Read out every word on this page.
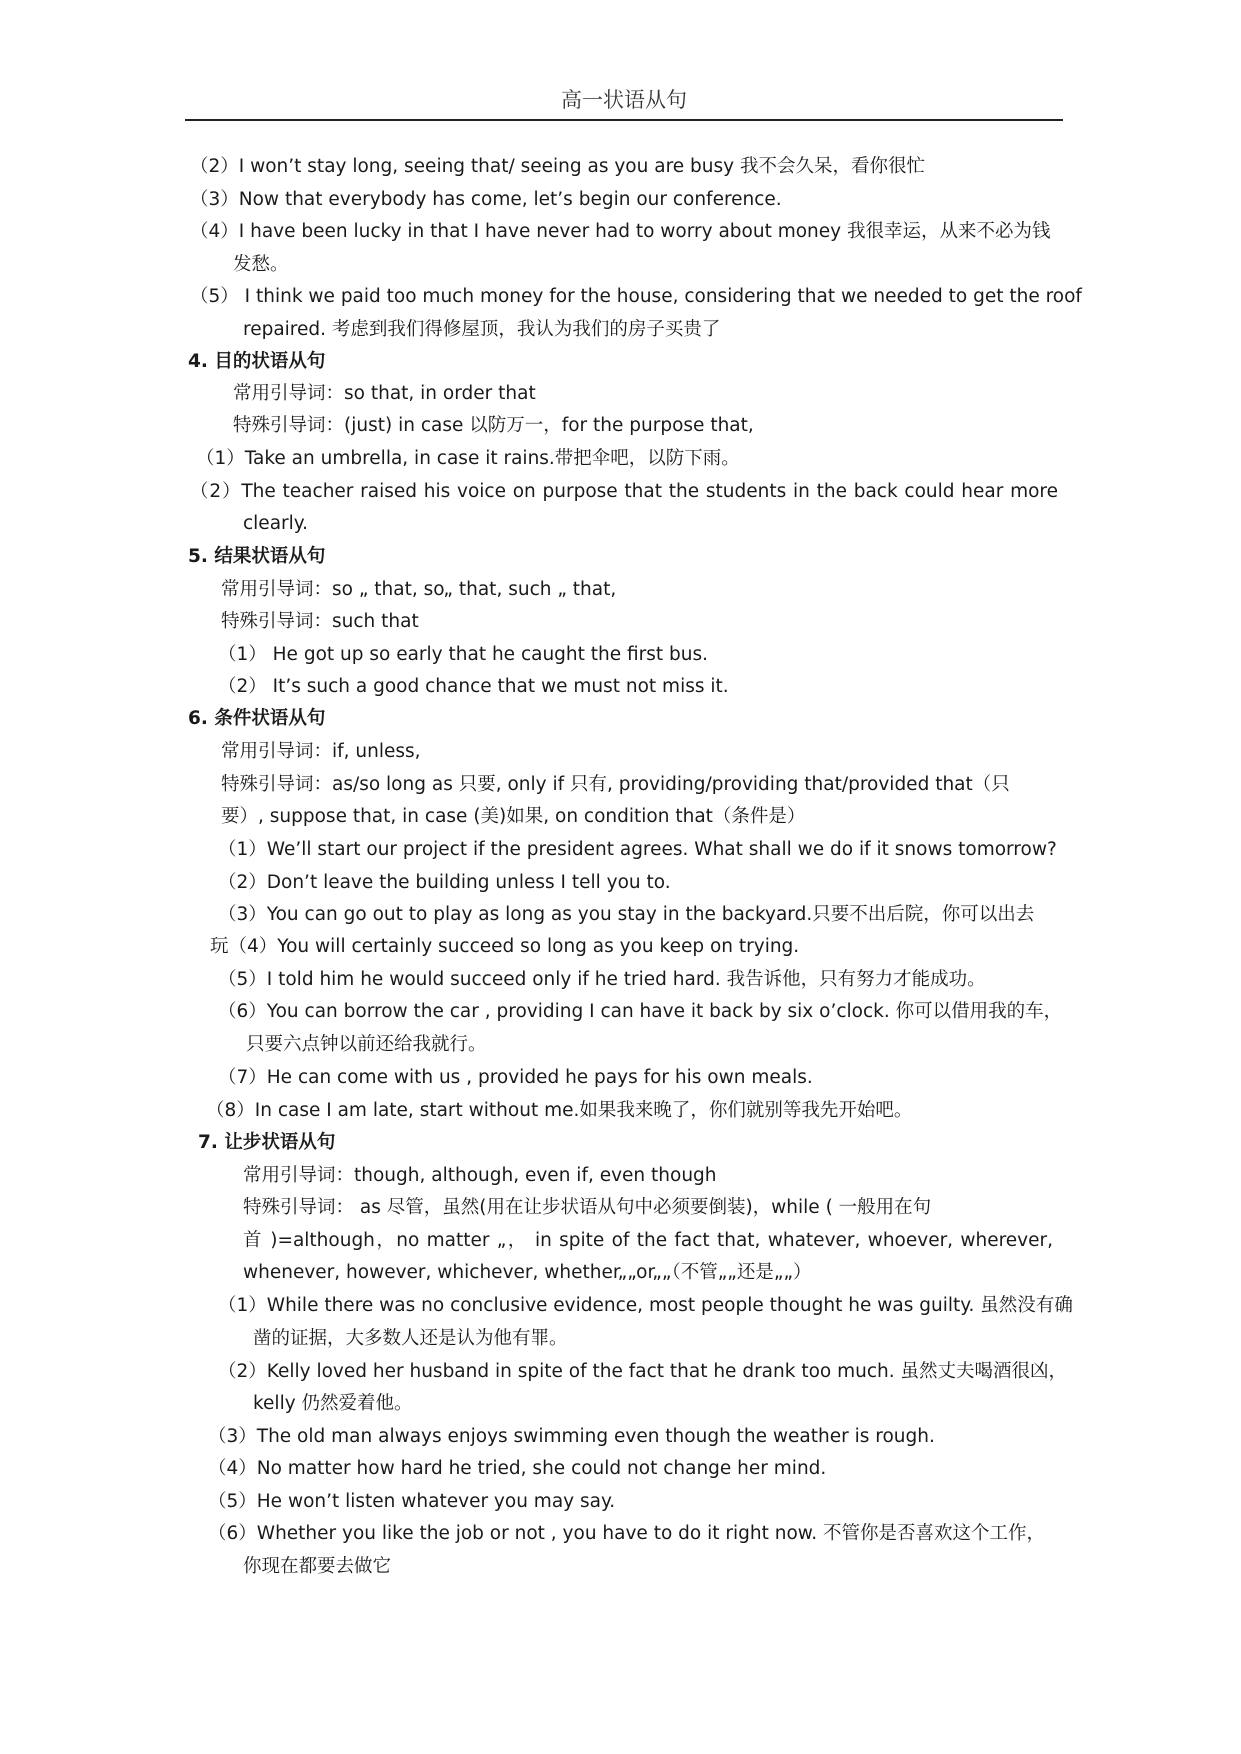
高一状语从句
（2）I won’t stay long, seeing that/ seeing as you are busy 我不会久呆，看你很忙
（3）Now that everybody has come, let’s begin our conference.
（4）I have been lucky in that I have never had to worry about money 我很幸运，从来不必为钱
发愁。
（5） I think we paid too much money for the house, considering that we needed to get the roof
repaired. 考虑到我们得修屋顶，我认为我们的房子买贵了
4. 目的状语从句
常用引导词：so that, in order that
特殊引导词：(just) in case 以防万一，for the purpose that,
（1）Take an umbrella, in case it rains.带把伞吧，以防下雨。
（2）The teacher raised his voice on purpose that the students in the back could hear more
clearly.
5. 结果状语从句
常用引导词：so „ that, so„ that, such „ that,
特殊引导词：such that
（1） He got up so early that he caught the first bus.
（2） It’s such a good chance that we must not miss it.
6. 条件状语从句
常用引导词：if, unless,
特殊引导词：as/so long as 只要, only if 只有, providing/providing that/provided that（只
要）, suppose that, in case (美)如果, on condition that（条件是）
（1）We’ll start our project if the president agrees. What shall we do if it snows tomorrow?
（2）Don’t leave the building unless I tell you to.
（3）You can go out to play as long as you stay in the backyard.只要不出后院，你可以出去
玩（4）You will certainly succeed so long as you keep on trying.
（5）I told him he would succeed only if he tried hard. 我告诉他，只有努力才能成功。
（6）You can borrow the car , providing I can have it back by six o’clock. 你可以借用我的车，
只要六点钟以前还给我就行。
（7）He can come with us , provided he pays for his own meals.
（8）In case I am late, start without me.如果我来晚了，你们就别等我先开始吧。
7. 让步状语从句
常用引导词：though, although, even if, even though
特殊引导词： as 尽管，虽然(用在让步状语从句中必须要倒装)，while ( 一般用在句
首 )=although，no matter „， in spite of the fact that, whatever, whoever, wherever,
whenever, however, whichever, whether„„or„„（不管„„还是„„）
（1）While there was no conclusive evidence, most people thought he was guilty. 虽然没有确
凿的证据，大多数人还是认为他有罪。
（2）Kelly loved her husband in spite of the fact that he drank too much. 虽然丈夫喝酒很凶，
kelly 仍然爱着他。
（3）The old man always enjoys swimming even though the weather is rough.
（4）No matter how hard he tried, she could not change her mind.
（5）He won’t listen whatever you may say.
（6）Whether you like the job or not , you have to do it right now. 不管你是否喜欢这个工作，
你现在都要去做它
